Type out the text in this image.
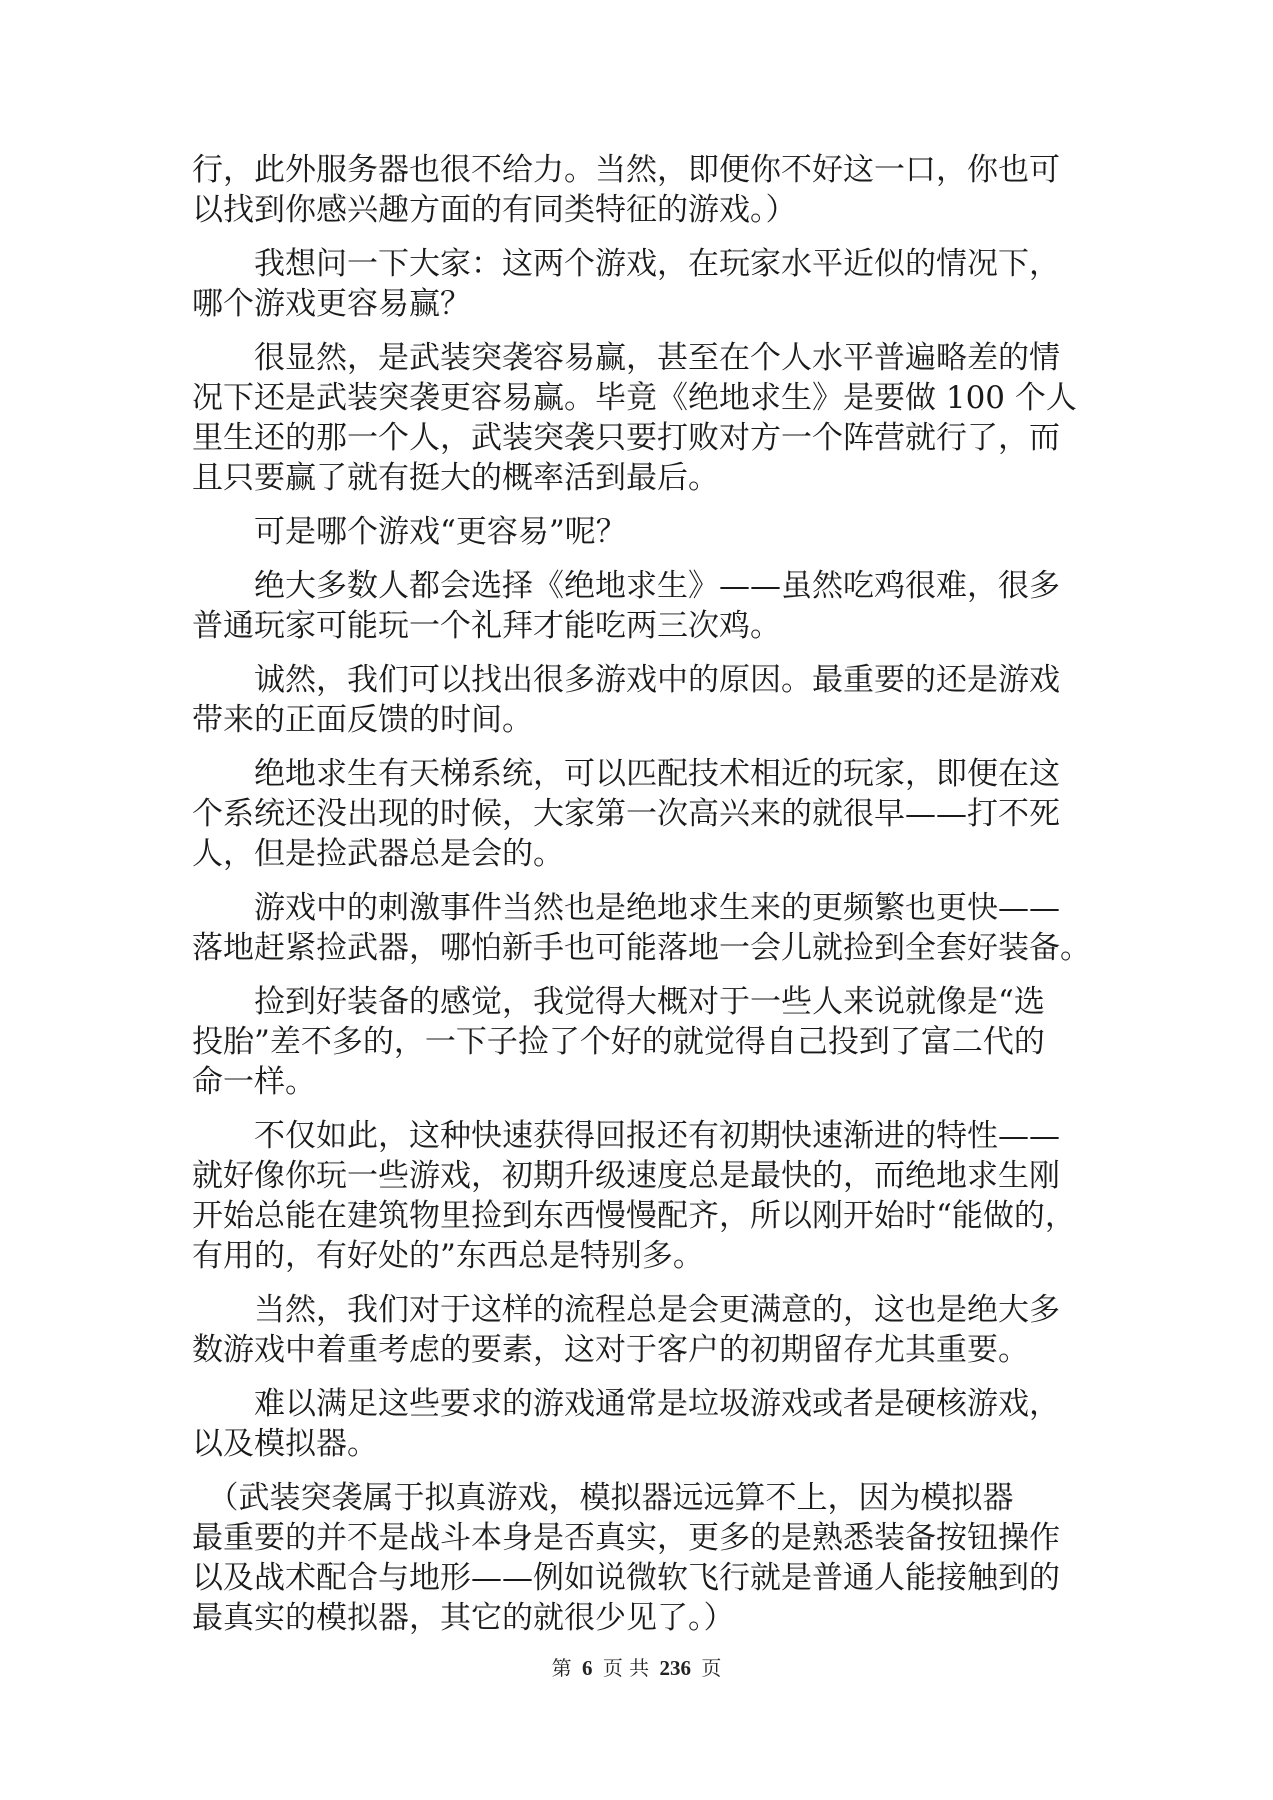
行，此外服务器也很不给力。当然，即便你不好这一口，你也可
以找到你感兴趣方面的有同类特征的游戏。）

　　我想问一下大家：这两个游戏，在玩家水平近似的情况下，
哪个游戏更容易赢？

　　很显然，是武装突袭容易赢，甚至在个人水平普遍略差的情
况下还是武装突袭更容易赢。毕竟《绝地求生》是要做 100 个人
里生还的那一个人，武装突袭只要打败对方一个阵营就行了，而
且只要赢了就有挺大的概率活到最后。

　　可是哪个游戏“更容易”呢？

　　绝大多数人都会选择《绝地求生》——虽然吃鸡很难，很多
普通玩家可能玩一个礼拜才能吃两三次鸡。

　　诚然，我们可以找出很多游戏中的原因。最重要的还是游戏
带来的正面反馈的时间。

　　绝地求生有天梯系统，可以匹配技术相近的玩家，即便在这
个系统还没出现的时候，大家第一次高兴来的就很早——打不死
人，但是捡武器总是会的。

　　游戏中的刺激事件当然也是绝地求生来的更频繁也更快——
落地赶紧捡武器，哪怕新手也可能落地一会儿就捡到全套好装备。

　　捡到好装备的感觉，我觉得大概对于一些人来说就像是“选
投胎”差不多的，一下子捡了个好的就觉得自己投到了富二代的
命一样。

　　不仅如此，这种快速获得回报还有初期快速渐进的特性——
就好像你玩一些游戏，初期升级速度总是最快的，而绝地求生刚
开始总能在建筑物里捡到东西慢慢配齐，所以刚开始时“能做的，
有用的，有好处的”东西总是特别多。

　　当然，我们对于这样的流程总是会更满意的，这也是绝大多
数游戏中着重考虑的要素，这对于客户的初期留存尤其重要。

　　难以满足这些要求的游戏通常是垃圾游戏或者是硬核游戏，
以及模拟器。

　（武装突袭属于拟真游戏，模拟器远远算不上，因为模拟器
最重要的并不是战斗本身是否真实，更多的是熟悉装备按钮操作
以及战术配合与地形——例如说微软飞行就是普通人能接触到的
最真实的模拟器，其它的就很少见了。）

第 6 页 共 236 页
